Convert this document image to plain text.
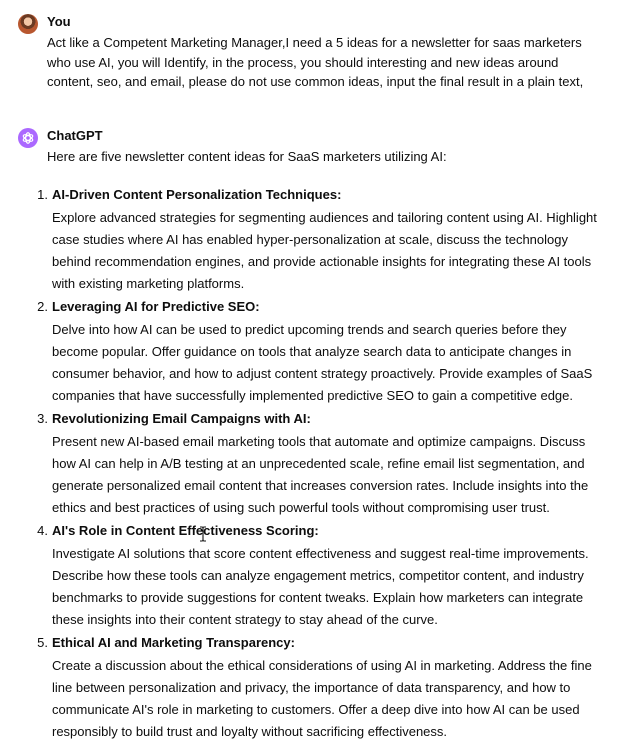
You
Act like a Competent Marketing Manager,I need a 5 ideas for a newsletter for saas marketers who use AI, you will Identify, in the process, you should interesting and new ideas around content, seo, and email, please do not use common ideas, input the final result in a plain text,
ChatGPT
Here are five newsletter content ideas for SaaS marketers utilizing AI:
1. AI-Driven Content Personalization Techniques:
Explore advanced strategies for segmenting audiences and tailoring content using AI. Highlight case studies where AI has enabled hyper-personalization at scale, discuss the technology behind recommendation engines, and provide actionable insights for integrating these AI tools with existing marketing platforms.
2. Leveraging AI for Predictive SEO:
Delve into how AI can be used to predict upcoming trends and search queries before they become popular. Offer guidance on tools that analyze search data to anticipate changes in consumer behavior, and how to adjust content strategy proactively. Provide examples of SaaS companies that have successfully implemented predictive SEO to gain a competitive edge.
3. Revolutionizing Email Campaigns with AI:
Present new AI-based email marketing tools that automate and optimize campaigns. Discuss how AI can help in A/B testing at an unprecedented scale, refine email list segmentation, and generate personalized email content that increases conversion rates. Include insights into the ethics and best practices of using such powerful tools without compromising user trust.
4. AI's Role in Content Effectiveness Scoring:
Investigate AI solutions that score content effectiveness and suggest real-time improvements. Describe how these tools can analyze engagement metrics, competitor content, and industry benchmarks to provide suggestions for content tweaks. Explain how marketers can integrate these insights into their content strategy to stay ahead of the curve.
5. Ethical AI and Marketing Transparency:
Create a discussion about the ethical considerations of using AI in marketing. Address the fine line between personalization and privacy, the importance of data transparency, and how to communicate AI's role in marketing to customers. Offer a deep dive into how AI can be used responsibly to build trust and loyalty without sacrificing effectiveness.
